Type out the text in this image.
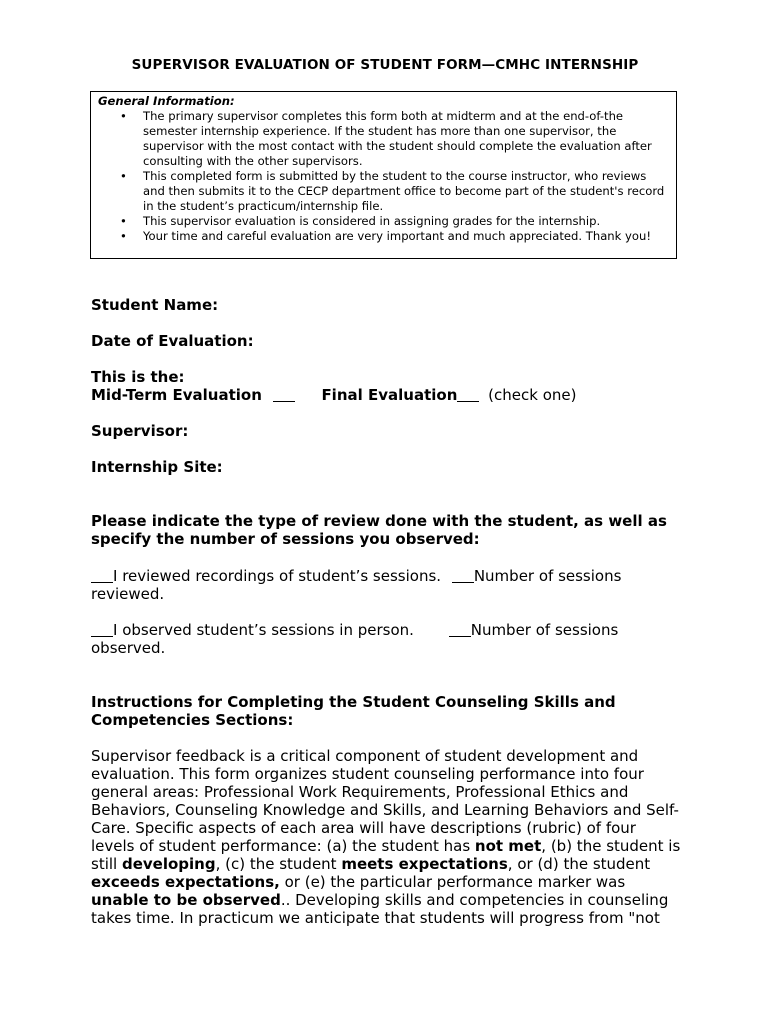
SUPERVISOR EVALUATION OF STUDENT FORM—CMHC INTERNSHIP
General Information:
• The primary supervisor completes this form both at midterm and at the end-of-the semester internship experience. If the student has more than one supervisor, the supervisor with the most contact with the student should complete the evaluation after consulting with the other supervisors.
• This completed form is submitted by the student to the course instructor, who reviews and then submits it to the CECP department office to become part of the student's record in the student’s practicum/internship file.
• This supervisor evaluation is considered in assigning grades for the internship.
• Your time and careful evaluation are very important and much appreciated. Thank you!
Student Name:
Date of Evaluation:
This is the:
Mid-Term Evaluation	Final Evaluation (check one)
Supervisor:
Internship Site:
Please indicate the type of review done with the student, as well as specify the number of sessions you observed:
I reviewed recordings of student’s sessions. Number of sessions reviewed.
I observed student’s sessions in person.	Number of sessions observed.
Instructions for Completing the Student Counseling Skills and Competencies Sections:
Supervisor feedback is a critical component of student development and evaluation. This form organizes student counseling performance into four general areas: Professional Work Requirements, Professional Ethics and Behaviors, Counseling Knowledge and Skills, and Learning Behaviors and Self-Care. Specific aspects of each area will have descriptions (rubric) of four levels of student performance: (a) the student has not met, (b) the student is still developing, (c) the student meets expectations, or (d) the student exceeds expectations, or (e) the particular performance marker was unable to be observed.. Developing skills and competencies in counseling takes time. In practicum we anticipate that students will progress from "not
